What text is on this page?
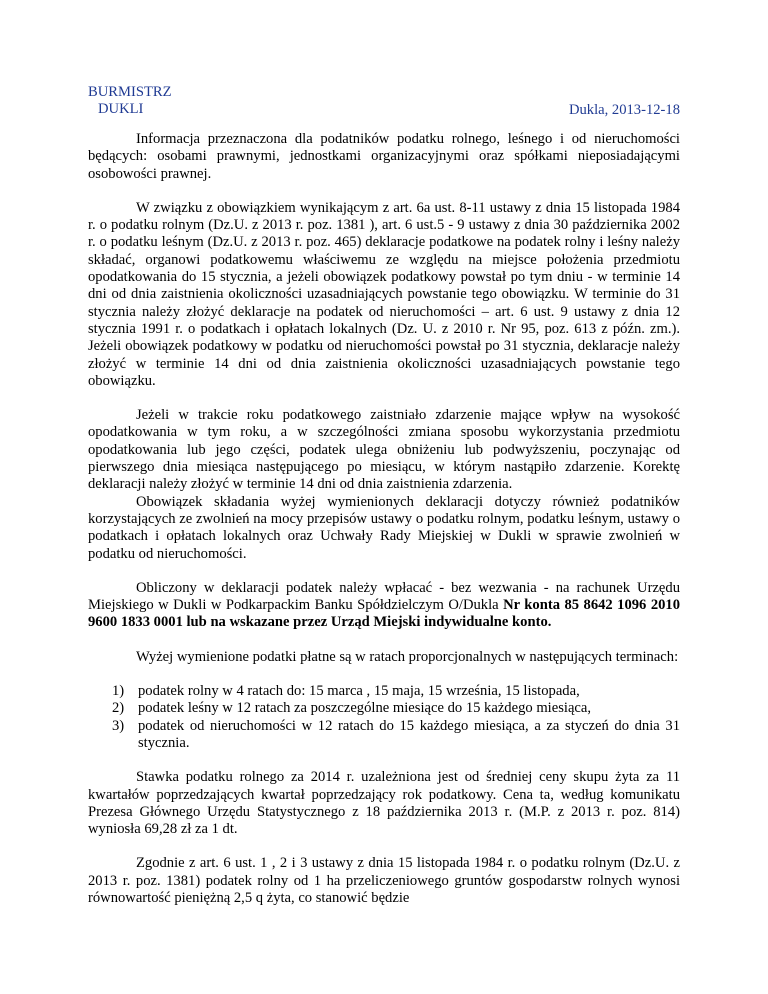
BURMISTRZ
DUKLI	Dukla, 2013-12-18

Informacja przeznaczona dla podatników podatku rolnego, leśnego i od nieruchomości będących: osobami prawnymi, jednostkami organizacyjnymi oraz spółkami nieposiadającymi osobowości prawnej.

W związku z obowiązkiem wynikającym z art. 6a ust. 8-11 ustawy z dnia 15 listopada 1984 r. o podatku rolnym (Dz.U. z 2013 r. poz. 1381 ), art. 6 ust.5 - 9 ustawy z dnia 30 października 2002 r. o podatku leśnym (Dz.U. z 2013 r. poz. 465) deklaracje podatkowe na podatek rolny i leśny należy składać, organowi podatkowemu właściwemu ze względu na miejsce położenia przedmiotu opodatkowania do 15 stycznia, a jeżeli obowiązek podatkowy powstał po tym dniu - w terminie 14 dni od dnia zaistnienia okoliczności uzasadniających powstanie tego obowiązku. W terminie do 31 stycznia należy złożyć deklaracje na podatek od nieruchomości – art. 6 ust. 9 ustawy z dnia 12 stycznia 1991 r. o podatkach i opłatach lokalnych (Dz. U. z 2010 r. Nr 95, poz. 613 z późn. zm.). Jeżeli obowiązek podatkowy w podatku od nieruchomości powstał po 31 stycznia, deklaracje należy złożyć w terminie 14 dni od dnia zaistnienia okoliczności uzasadniających powstanie tego obowiązku.

Jeżeli w trakcie roku podatkowego zaistniało zdarzenie mające wpływ na wysokość opodatkowania w tym roku, a w szczególności zmiana sposobu wykorzystania przedmiotu opodatkowania lub jego części, podatek ulega obniżeniu lub podwyższeniu, poczynając od pierwszego dnia miesiąca następującego po miesiącu, w którym nastąpiło zdarzenie. Korektę deklaracji należy złożyć w terminie 14 dni od dnia zaistnienia zdarzenia.

Obowiązek składania wyżej wymienionych deklaracji dotyczy również podatników korzystających ze zwolnień na mocy przepisów ustawy o podatku rolnym, podatku leśnym, ustawy o podatkach i opłatach lokalnych oraz Uchwały Rady Miejskiej w Dukli w sprawie zwolnień w podatku od nieruchomości.

Obliczony w deklaracji podatek należy wpłacać - bez wezwania - na rachunek Urzędu Miejskiego w Dukli w Podkarpackim Banku Spółdzielczym O/Dukla Nr konta 85 8642 1096 2010 9600 1833 0001 lub na wskazane przez Urząd Miejski indywidualne konto.

Wyżej wymienione podatki płatne są w ratach proporcjonalnych w następujących terminach:

1) podatek rolny w 4 ratach do: 15 marca , 15 maja, 15 września, 15 listopada,
2) podatek leśny w 12 ratach za poszczególne miesiące do 15 każdego miesiąca,
3) podatek od nieruchomości w 12 ratach do 15 każdego miesiąca, a za styczeń do dnia 31 stycznia.

Stawka podatku rolnego za 2014 r. uzależniona jest od średniej ceny skupu żyta za 11 kwartałów poprzedzających kwartał poprzedzający rok podatkowy. Cena ta, według komunikatu Prezesa Głównego Urzędu Statystycznego z 18 października 2013 r. (M.P. z 2013 r. poz. 814) wyniosła 69,28 zł za 1 dt.

Zgodnie z art. 6 ust. 1 , 2 i 3 ustawy z dnia 15 listopada 1984 r. o podatku rolnym (Dz.U. z 2013 r. poz. 1381) podatek rolny od 1 ha przeliczeniowego gruntów gospodarstw rolnych wynosi równowartość pieniężną 2,5 q żyta, co stanowić będzie
